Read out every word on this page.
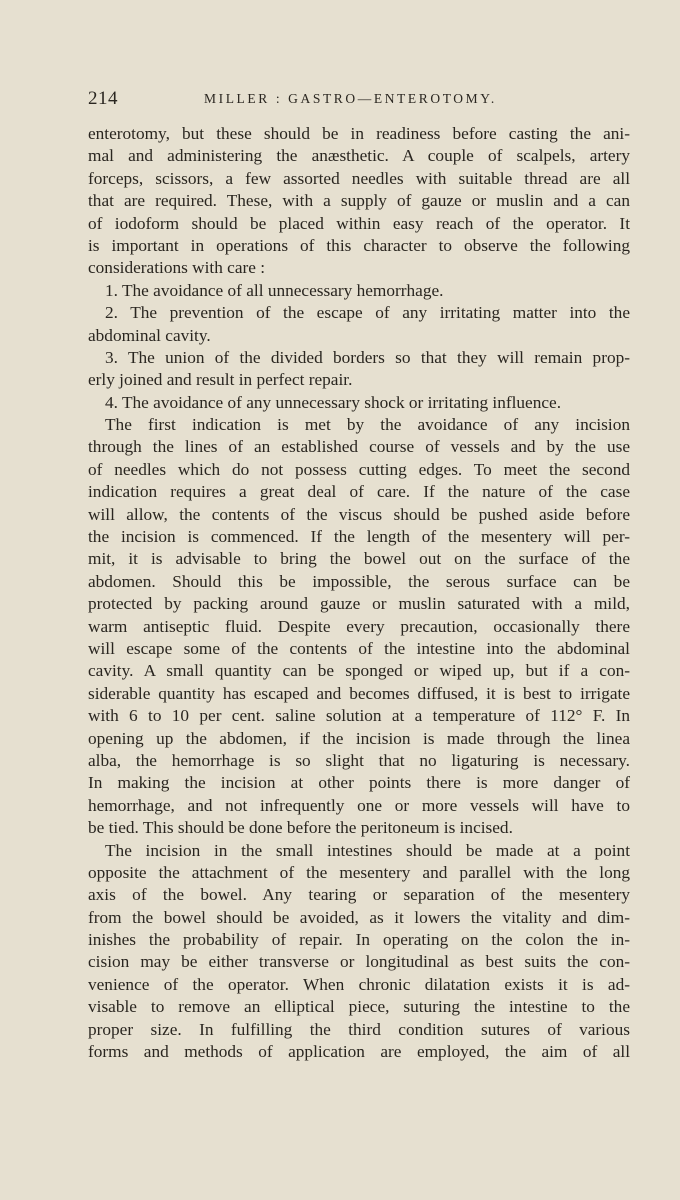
214	MILLER : GASTRO—ENTEROTOMY.
enterotomy, but these should be in readiness before casting the ani-
mal and administering the anæsthetic. A couple of scalpels, artery
forceps, scissors, a few assorted needles with suitable thread are all
that are required. These, with a supply of gauze or muslin and a can
of iodoform should be placed within easy reach of the operator. It
is important in operations of this character to observe the following
considerations with care :
1. The avoidance of all unnecessary hemorrhage.
2. The prevention of the escape of any irritating matter into the
abdominal cavity.
3. The union of the divided borders so that they will remain prop-
erly joined and result in perfect repair.
4. The avoidance of any unnecessary shock or irritating influence.
The first indication is met by the avoidance of any incision
through the lines of an established course of vessels and by the use
of needles which do not possess cutting edges. To meet the second
indication requires a great deal of care. If the nature of the case
will allow, the contents of the viscus should be pushed aside before
the incision is commenced. If the length of the mesentery will per-
mit, it is advisable to bring the bowel out on the surface of the
abdomen. Should this be impossible, the serous surface can be
protected by packing around gauze or muslin saturated with a mild,
warm antiseptic fluid. Despite every precaution, occasionally there
will escape some of the contents of the intestine into the abdominal
cavity. A small quantity can be sponged or wiped up, but if a con-
siderable quantity has escaped and becomes diffused, it is best to irrigate
with 6 to 10 per cent. saline solution at a temperature of 112° F. In
opening up the abdomen, if the incision is made through the linea
alba, the hemorrhage is so slight that no ligaturing is necessary.
In making the incision at other points there is more danger of
hemorrhage, and not infrequently one or more vessels will have to
be tied. This should be done before the peritoneum is incised.
The incision in the small intestines should be made at a point
opposite the attachment of the mesentery and parallel with the long
axis of the bowel. Any tearing or separation of the mesentery
from the bowel should be avoided, as it lowers the vitality and dim-
inishes the probability of repair. In operating on the colon the in-
cision may be either transverse or longitudinal as best suits the con-
venience of the operator. When chronic dilatation exists it is ad-
visable to remove an elliptical piece, suturing the intestine to the
proper size. In fulfilling the third condition sutures of various
forms and methods of application are employed, the aim of all
